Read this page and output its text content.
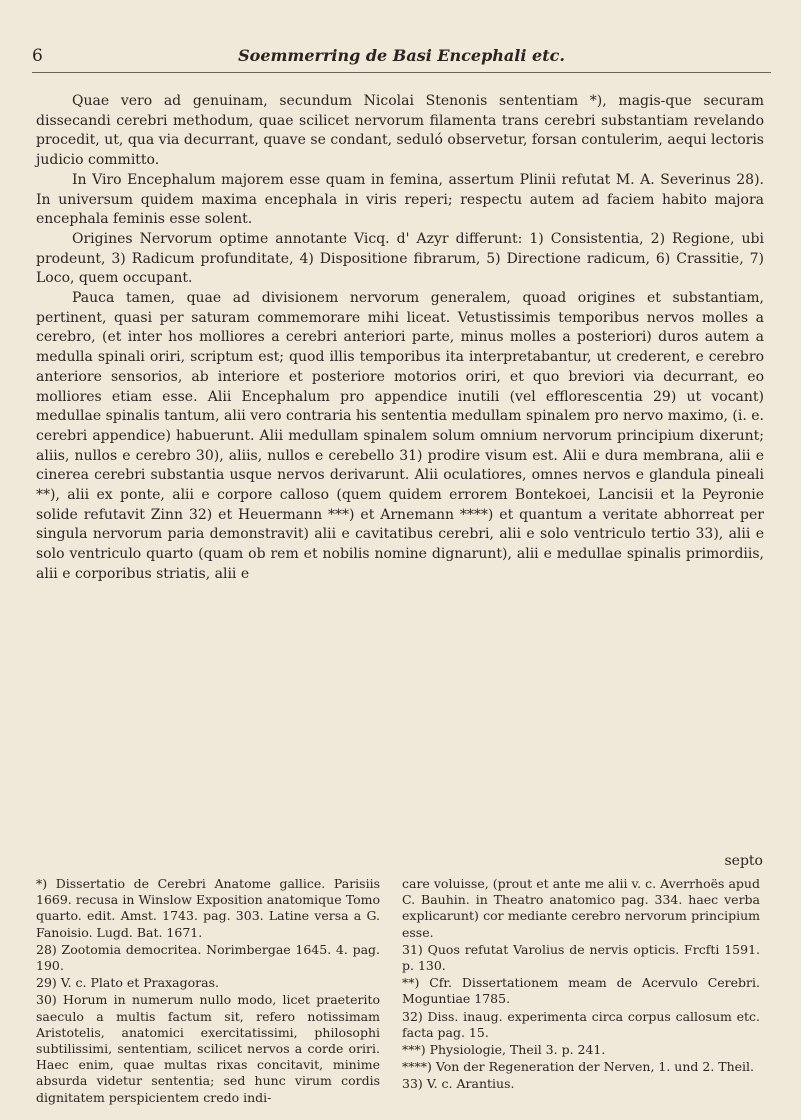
6	Soemmerring de Basi Encephali etc.

Quae vero ad genuinam, secundum Nicolai Stenonis sententiam *), magis-que securam dissecandi cerebri methodum, quae scilicet nervorum filamenta trans cerebri substantiam revelando procedit, ut, qua via decurrant, quave se condant, seduló observetur, forsan contulerim, aequi lectoris judicio committo.

In Viro Encephalum majorem esse quam in femina, assertum Plinii refutat M. A. Severinus 28). In universum quidem maxima encephala in viris reperi; respectu autem ad faciem habito majora encephala feminis esse solent.

Origines Nervorum optime annotante Vicq. d' Azyr differunt: 1) Consistentia, 2) Regione, ubi prodeunt, 3) Radicum profunditate, 4) Dispositione fibrarum, 5) Directione radicum, 6) Crassitie, 7) Loco, quem occupant.

Pauca tamen, quae ad divisionem nervorum generalem, quoad origines et substantiam, pertinent, quasi per saturam commemorare mihi liceat. Vetustissimis temporibus nervos molles a cerebro, (et inter hos molliores a cerebri anteriori parte, minus molles a posteriori) duros autem a medulla spinali oriri, scriptum est; quod illis temporibus ita interpretabantur, ut crederent, e cerebro anteriore sensorios, ab interiore et posteriore motorios oriri, et quo breviori via decurrant, eo molliores etiam esse. Alii Encephalum pro appendice inutili (vel efflorescentia 29) ut vocant) medullae spinalis tantum, alii vero contraria his sententia medullam spinalem pro nervo maximo, (i. e. cerebri appendice) habuerunt. Alii medullam spinalem solum omnium nervorum principium dixerunt; aliis, nullos e cerebro 30), aliis, nullos e cerebello 31) prodire visum est. Alii e dura membrana, alii e cinerea cerebri substantia usque nervos derivarunt. Alii oculatiores, omnes nervos e glandula pineali **), alii ex ponte, alii e corpore callosо (quem quidem errorem Bontekoei, Lancisii et la Peyronie solide refutavit Zinn 32) et Heuermann ***) et Arnemann ****) et quantum a veritate abhorreat per singula nervorum paria demonstravit) alii e cavitatibus cerebri, alii e solo ventriculo tertio 33), alii e solo ventriculo quarto (quam ob rem et nobilis nomine dignarunt), alii e medullae spinalis primordiis, alii e corporibus striatis, alii e

septo

*) Dissertatio de Cerebri Anatome gallice. Parisiis 1669. recusa in Winslow Exposition anatomique Tomo quarto. edit. Amst. 1743. pag. 303. Latine versa a G. Fanoisio. Lugd. Bat. 1671.

28) Zootomia democritea. Norimbergae 1645. 4. pag. 190.

29) V. c. Plato et Praxagoras.

30) Horum in numerum nullo modo, licet praeterito saeculo a multis factum sit, refero notissimam Aristotelis, anatomici exercitatissimi, philosophi subtilissimi, sententiam, scilicet nervos a corde oriri. Haec enim, quae multas rixas concitavit, minime absurda videtur sententia; sed hunc virum cordis dignitatem perspicientem credo indi-

care voluisse, (prout et ante me alii v. c. Averrhoës apud C. Bauhin. in Theatro anatomico pag. 334. haec verba explicarunt) cor mediante cerebro nervorum principium esse.

31) Quos refutat Varolius de nervis opticis. Frcfti 1591. p. 130.

**) Cfr. Dissertationem meam de Acervulo Cerebri. Moguntiae 1785.

32) Diss. inaug. experimenta circa corpus callosum etc. facta pag. 15.

***) Physiologie, Theil 3. p. 241.

****) Von der Regeneration der Nerven, 1. und 2. Theil.

33) V. c. Arantius.
